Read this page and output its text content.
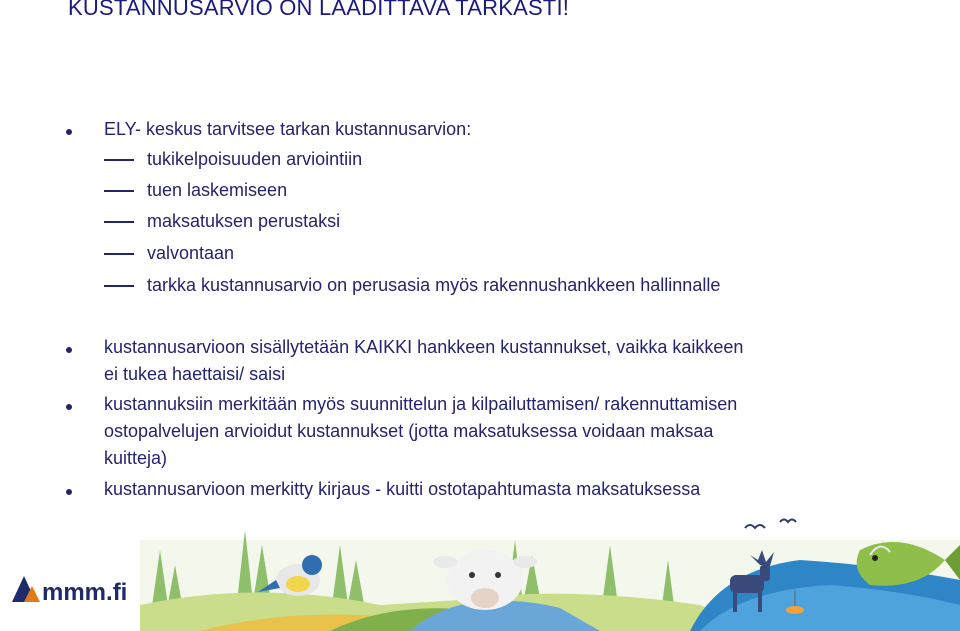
KUSTANNUSARVIO ON LAADITTAVA TARKASTI!
ELY- keskus tarvitsee tarkan kustannusarvion:
tukikelpoisuuden arviointiin
tuen laskemiseen
maksatuksen perustaksi
valvontaan
tarkka kustannusarvio on perusasia myös rakennushankkeen hallinnalle
kustannusarvioon sisällytetään KAIKKI hankkeen kustannukset, vaikka kaikkeen
ei tukea haettaisi/ saisi
kustannuksiin merkitään myös suunnittelun ja kilpailuttamisen/ rakennuttamisen
ostopalvelujen arvioidut kustannukset (jotta maksatuksessa voidaan maksaa
kuitteja)
kustannusarvioon merkitty kirjaus - kuitti ostotapahtumasta maksatuksessa
mmm.fi
